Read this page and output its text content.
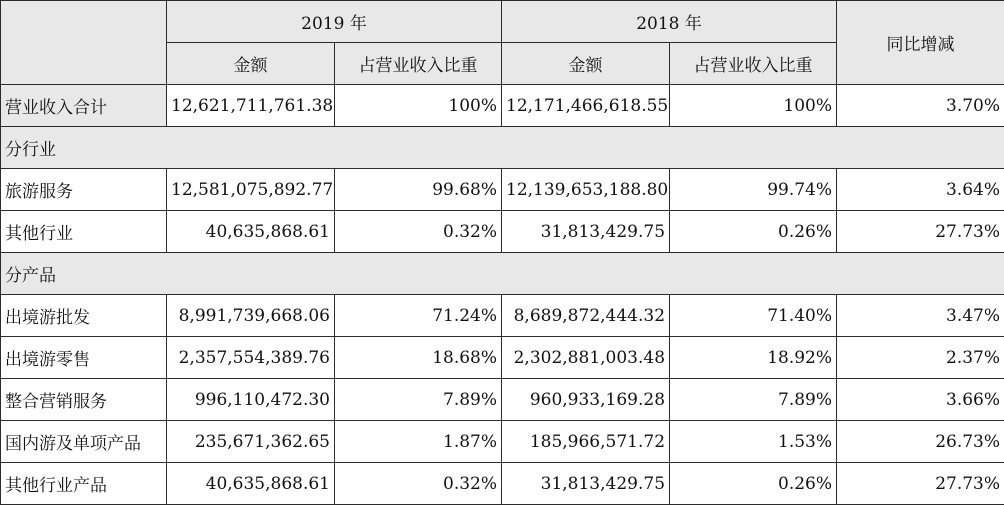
	2019 年		2018 年		同比增减
	金额	占营业收入比重	金额	占营业收入比重	
营业收入合计	12,621,711,761.38	100%	12,171,466,618.55	100%	3.70%
分行业					
旅游服务	12,581,075,892.77	99.68%	12,139,653,188.80	99.74%	3.64%
其他行业	40,635,868.61	0.32%	31,813,429.75	0.26%	27.73%
分产品					
出境游批发	8,991,739,668.06	71.24%	8,689,872,444.32	71.40%	3.47%
出境游零售	2,357,554,389.76	18.68%	2,302,881,003.48	18.92%	2.37%
整合营销服务	996,110,472.30	7.89%	960,933,169.28	7.89%	3.66%
国内游及单项产品	235,671,362.65	1.87%	185,966,571.72	1.53%	26.73%
其他行业产品	40,635,868.61	0.32%	31,813,429.75	0.26%	27.73%
